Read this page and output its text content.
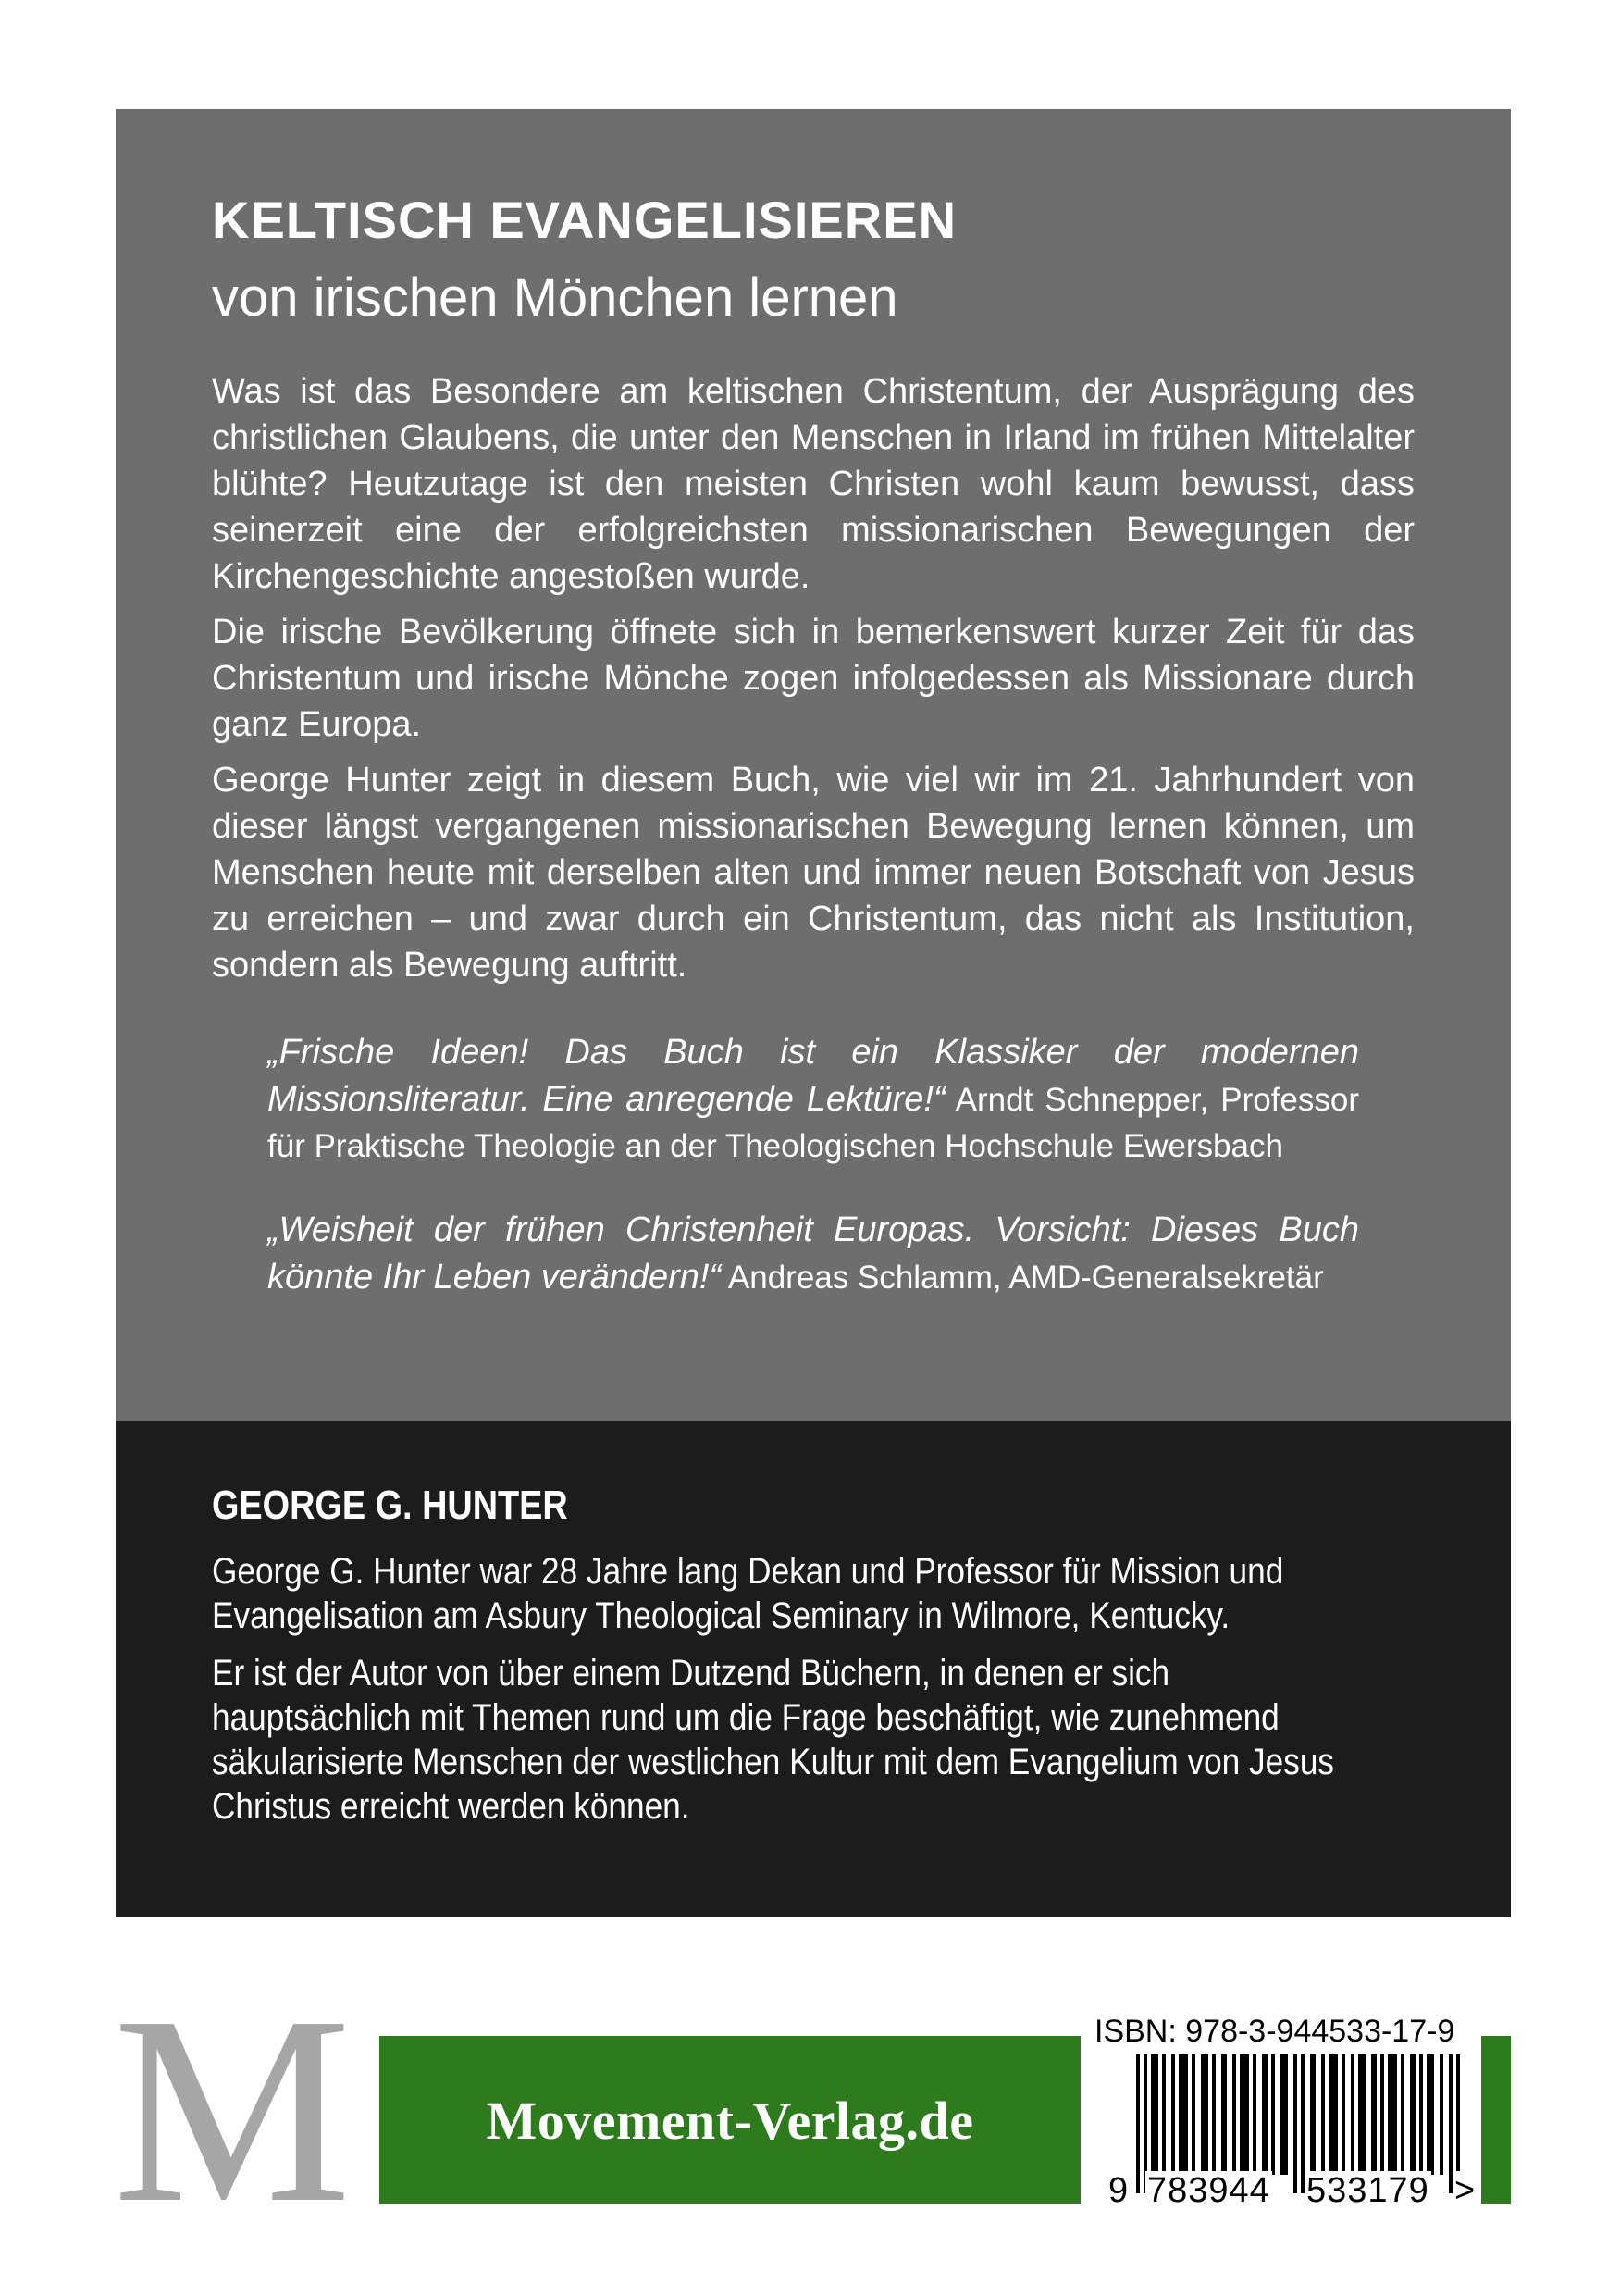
KELTISCH EVANGELISIEREN
von irischen Mönchen lernen

Was ist das Besondere am keltischen Christentum, der Ausprägung des christlichen Glaubens, die unter den Menschen in Irland im frühen Mittelalter blühte? Heutzutage ist den meisten Christen wohl kaum bewusst, dass seinerzeit eine der erfolgreichsten missionarischen Bewegungen der Kirchengeschichte angestoßen wurde.

Die irische Bevölkerung öffnete sich in bemerkenswert kurzer Zeit für das Christentum und irische Mönche zogen infolgedessen als Missionare durch ganz Europa.

George Hunter zeigt in diesem Buch, wie viel wir im 21. Jahrhundert von dieser längst vergangenen missionarischen Bewegung lernen können, um Menschen heute mit derselben alten und immer neuen Botschaft von Jesus zu erreichen – und zwar durch ein Christentum, das nicht als Institution, sondern als Bewegung auftritt.

„Frische Ideen! Das Buch ist ein Klassiker der modernen Missionsliteratur. Eine anregende Lektüre!“ Arndt Schnepper, Professor für Praktische Theologie an der Theologischen Hochschule Ewersbach

„Weisheit der frühen Christenheit Europas. Vorsicht: Dieses Buch könnte Ihr Leben verändern!“ Andreas Schlamm, AMD-Generalsekretär

GEORGE G. HUNTER

George G. Hunter war 28 Jahre lang Dekan und Professor für Mission und Evangelisation am Asbury Theological Seminary in Wilmore, Kentucky.

Er ist der Autor von über einem Dutzend Büchern, in denen er sich hauptsächlich mit Themen rund um die Frage beschäftigt, wie zunehmend säkularisierte Menschen der westlichen Kultur mit dem Evangelium von Jesus Christus erreicht werden können.

M	Movement-Verlag.de
ISBN: 978-3-944533-17-9
9 783944 533179 >
